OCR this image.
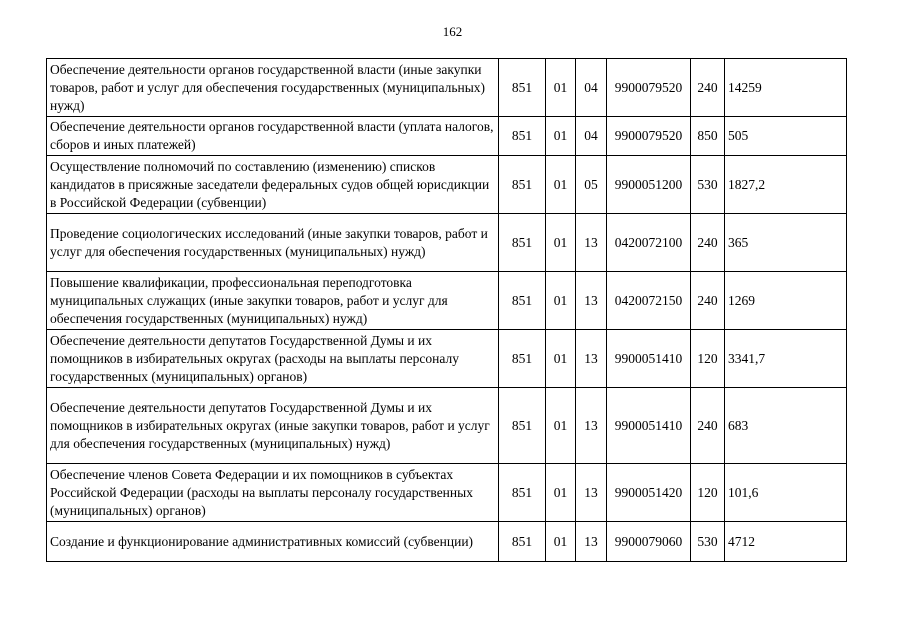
162
Обеспечение деятельности органов государственной власти (иные закупки товаров, работ и услуг для обеспечения государственных (муниципальных) нужд)	851	01	04	9900079520	240	14259
Обеспечение деятельности органов государственной власти (уплата налогов, сборов и иных платежей)	851	01	04	9900079520	850	505
Осуществление полномочий по составлению (изменению) списков кандидатов в присяжные заседатели федеральных судов общей юрисдикции в Российской Федерации (субвенции)	851	01	05	9900051200	530	1827,2
Проведение социологических исследований (иные закупки товаров, работ и услуг для обеспечения государственных (муниципальных) нужд)	851	01	13	0420072100	240	365
Повышение квалификации, профессиональная переподготовка муниципальных служащих (иные закупки товаров, работ и услуг для обеспечения государственных (муниципальных) нужд)	851	01	13	0420072150	240	1269
Обеспечение деятельности депутатов Государственной Думы и их помощников в избирательных округах (расходы на выплаты персоналу государственных (муниципальных) органов)	851	01	13	9900051410	120	3341,7
Обеспечение деятельности депутатов Государственной Думы и их помощников в избирательных округах (иные закупки товаров, работ и услуг для обеспечения государственных (муниципальных) нужд)	851	01	13	9900051410	240	683
Обеспечение членов Совета Федерации и их помощников в субъектах Российской Федерации (расходы на выплаты персоналу государственных (муниципальных) органов)	851	01	13	9900051420	120	101,6
Создание и функционирование административных комиссий (субвенции)	851	01	13	9900079060	530	4712
